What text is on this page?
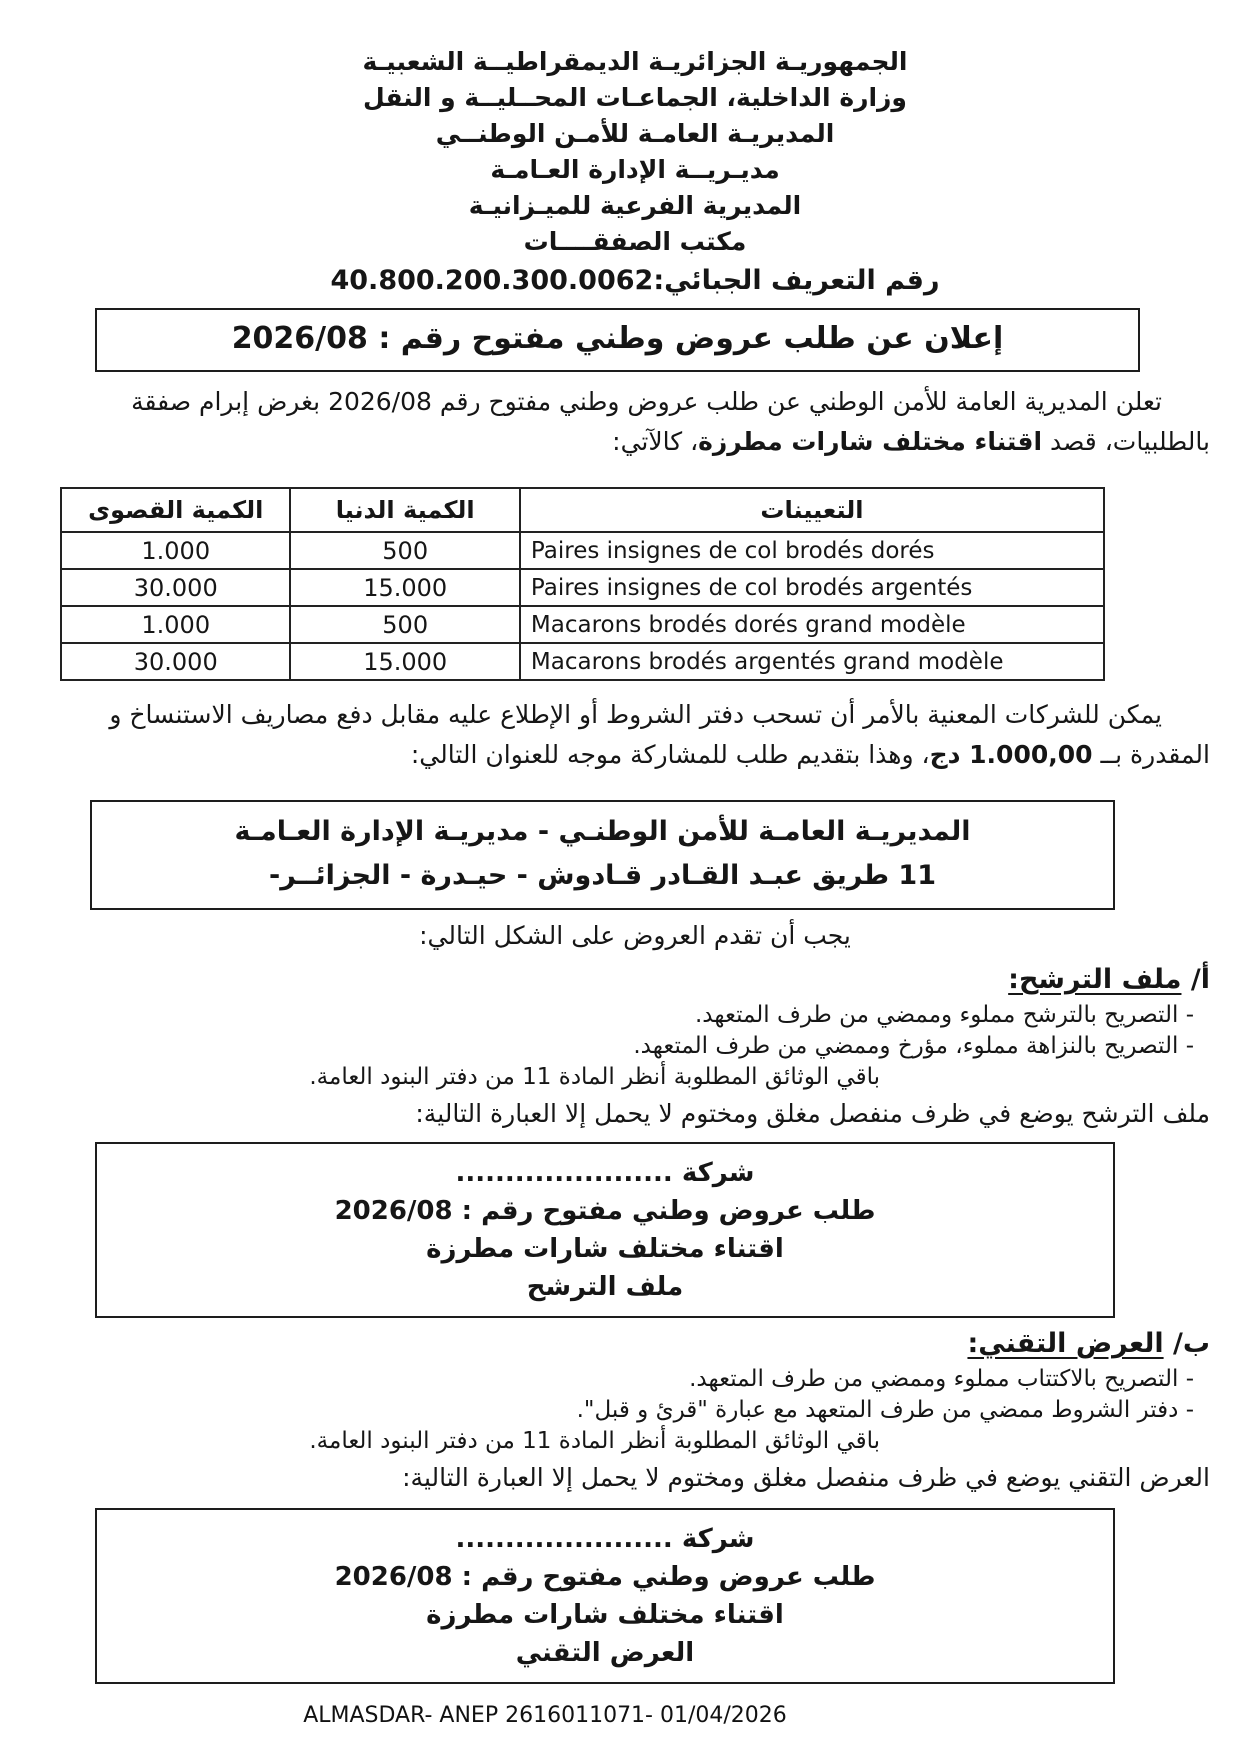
الجمهوريـة الجزائريـة الديمقراطيــة الشعبيـة
وزارة الداخلية، الجماعـات المحــليــة و النقل
المديريـة العامـة للأمـن الوطنــي
مديـريــة الإدارة العـامـة
المديرية الفرعية للميـزانيـة
مكتب الصفقــــات
رقم التعريف الجبائي:40.800.200.300.0062
إعلان عن طلب عروض وطني مفتوح رقم : 2026/08

تعلن المديرية العامة للأمن الوطني عن طلب عروض وطني مفتوح رقم 2026/08 بغرض إبرام صفقة بالطلبيات، قصد اقتناء مختلف شارات مطرزة، كالآتي:

التعيينات	الكمية الدنيا	الكمية القصوى
Paires insignes de col brodés dorés	500	1.000
Paires insignes de col brodés argentés	15.000	30.000
Macarons brodés dorés grand modèle	500	1.000
Macarons brodés argentés grand modèle	15.000	30.000

يمكن للشركات المعنية بالأمر أن تسحب دفتر الشروط أو الإطلاع عليه مقابل دفع مصاريف الاستنساخ و المقدرة بــ 1.000,00 دج، وهذا بتقديم طلب للمشاركة موجه للعنوان التالي:

المديريـة العامـة للأمن الوطنـي - مديريـة الإدارة العـامـة
11 طريق عبـد القـادر قـادوش - حيـدرة - الجزائــر-
يجب أن تقدم العروض على الشكل التالي:
أ/ ملف الترشح:
- التصريح بالترشح مملوء وممضي من طرف المتعهد.
- التصريح بالنزاهة مملوء، مؤرخ وممضي من طرف المتعهد.
باقي الوثائق المطلوبة أنظر المادة 11 من دفتر البنود العامة.
ملف الترشح يوضع في ظرف منفصل مغلق ومختوم لا يحمل إلا العبارة التالية:
شركة ......................
طلب عروض وطني مفتوح رقم : 2026/08
اقتناء مختلف شارات مطرزة
ملف الترشح
ب/ العرض التقني:
- التصريح بالاكتتاب مملوء وممضي من طرف المتعهد.
- دفتر الشروط ممضي من طرف المتعهد مع عبارة "قرئ و قبل".
باقي الوثائق المطلوبة أنظر المادة 11 من دفتر البنود العامة.
العرض التقني يوضع في ظرف منفصل مغلق ومختوم لا يحمل إلا العبارة التالية:
شركة ......................
طلب عروض وطني مفتوح رقم : 2026/08
اقتناء مختلف شارات مطرزة
العرض التقني
ALMASDAR- ANEP 2616011071- 01/04/2026
